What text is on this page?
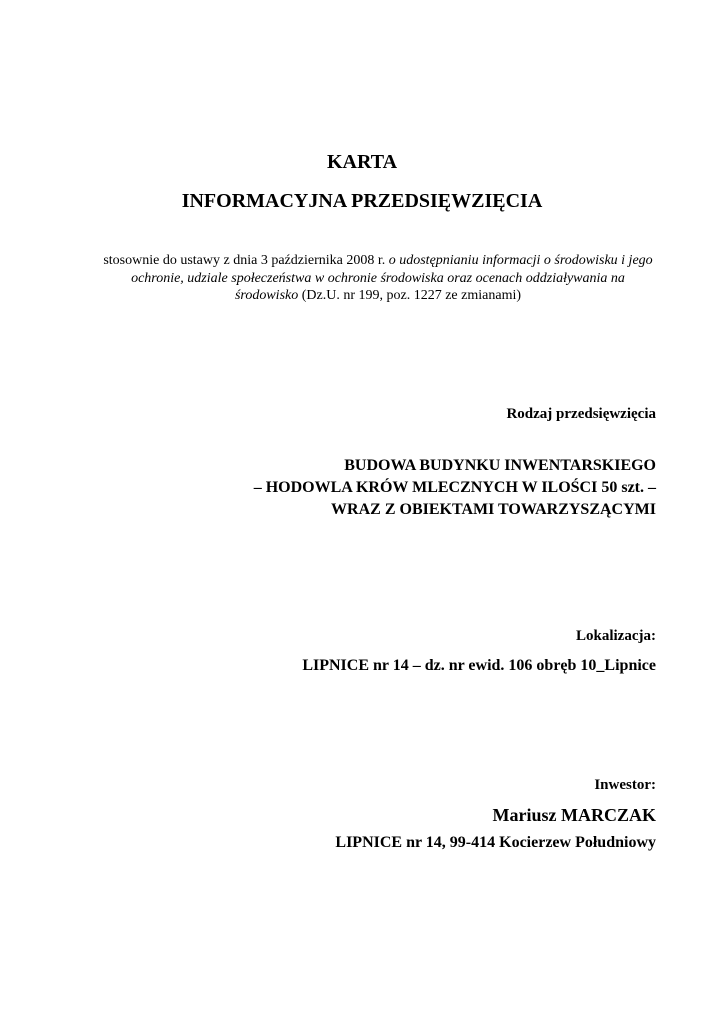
KARTA
INFORMACYJNA PRZEDSIĘWZIĘCIA
stosownie do ustawy z dnia 3 października 2008 r. o udostępnianiu informacji o środowisku i jego ochronie, udziale społeczeństwa w ochronie środowiska oraz ocenach oddziaływania na środowisko (Dz.U. nr 199, poz. 1227 ze zmianami)
Rodzaj przedsięwzięcia
BUDOWA BUDYNKU INWENTARSKIEGO
– HODOWLA KRÓW MLECZNYCH W ILOŚCI 50 szt. –
WRAZ Z OBIEKTAMI TOWARZYSZĄCYMI
Lokalizacja:
LIPNICE nr 14 – dz. nr ewid. 106 obręb 10_Lipnice
Inwestor:
Mariusz MARCZAK
LIPNICE nr 14, 99-414 Kocierzew Południowy
